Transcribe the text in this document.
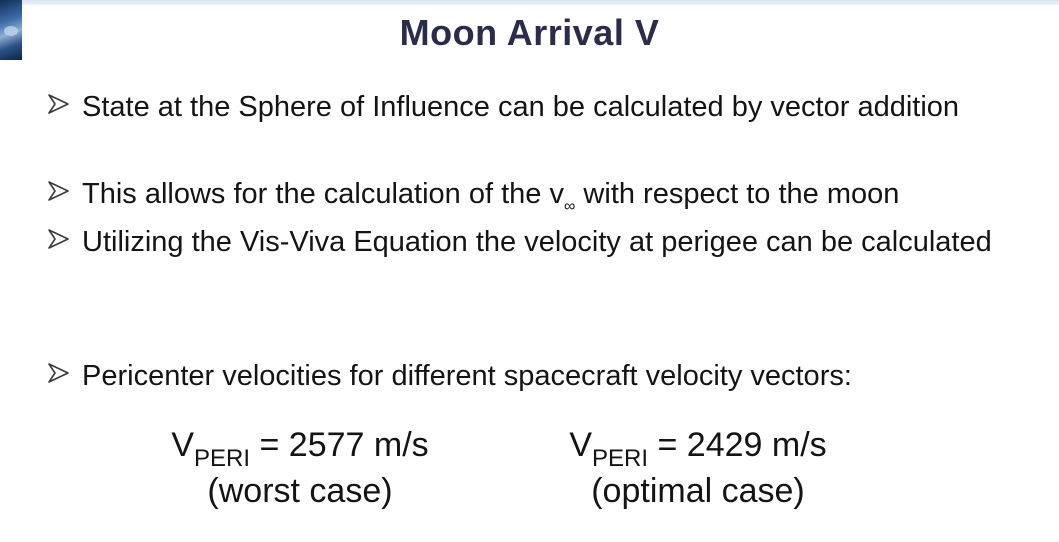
Moon Arrival V
State at the Sphere of Influence can be calculated by vector addition
This allows for the calculation of the $v_\infty$ with respect to the moon
Utilizing the Vis-Viva Equation the velocity at perigee can be calculated
Pericenter velocities for different spacecraft velocity vectors:
$V_{PERI} = 2577$ m/s
(worst case)
$V_{PERI} = 2429$ m/s
(optimal case)
